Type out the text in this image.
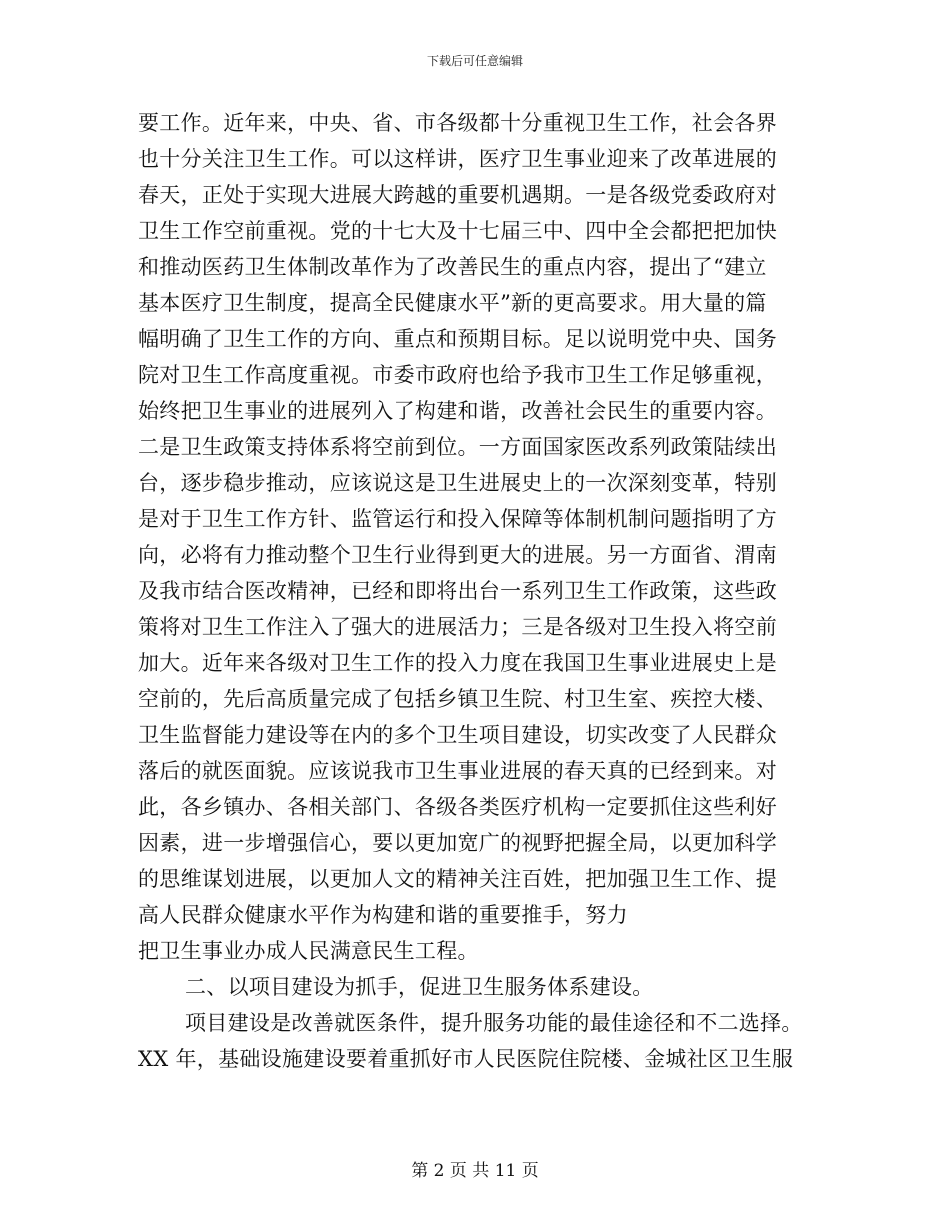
下载后可任意编辑
要工作。近年来，中央、省、市各级都十分重视卫生工作，社会各界
也十分关注卫生工作。可以这样讲，医疗卫生事业迎来了改革进展的
春天，正处于实现大进展大跨越的重要机遇期。一是各级党委政府对
卫生工作空前重视。党的十七大及十七届三中、四中全会都把把加快
和推动医药卫生体制改革作为了改善民生的重点内容，提出了“建立
基本医疗卫生制度，提高全民健康水平”新的更高要求。用大量的篇
幅明确了卫生工作的方向、重点和预期目标。足以说明党中央、国务
院对卫生工作高度重视。市委市政府也给予我市卫生工作足够重视，
始终把卫生事业的进展列入了构建和谐，改善社会民生的重要内容。
二是卫生政策支持体系将空前到位。一方面国家医改系列政策陆续出
台，逐步稳步推动，应该说这是卫生进展史上的一次深刻变革，特别
是对于卫生工作方针、监管运行和投入保障等体制机制问题指明了方
向，必将有力推动整个卫生行业得到更大的进展。另一方面省、渭南
及我市结合医改精神，已经和即将出台一系列卫生工作政策，这些政
策将对卫生工作注入了强大的进展活力；三是各级对卫生投入将空前
加大。近年来各级对卫生工作的投入力度在我国卫生事业进展史上是
空前的，先后高质量完成了包括乡镇卫生院、村卫生室、疾控大楼、
卫生监督能力建设等在内的多个卫生项目建设，切实改变了人民群众
落后的就医面貌。应该说我市卫生事业进展的春天真的已经到来。对
此，各乡镇办、各相关部门、各级各类医疗机构一定要抓住这些利好
因素，进一步增强信心，要以更加宽广的视野把握全局，以更加科学
的思维谋划进展，以更加人文的精神关注百姓，把加强卫生工作、提
高人民群众健康水平作为构建和谐的重要推手，努力
把卫生事业办成人民满意民生工程。
二、以项目建设为抓手，促进卫生服务体系建设。
项目建设是改善就医条件，提升服务功能的最佳途径和不二选择。
XX 年，基础设施建设要着重抓好市人民医院住院楼、金城社区卫生服
第 2 页 共 11 页
